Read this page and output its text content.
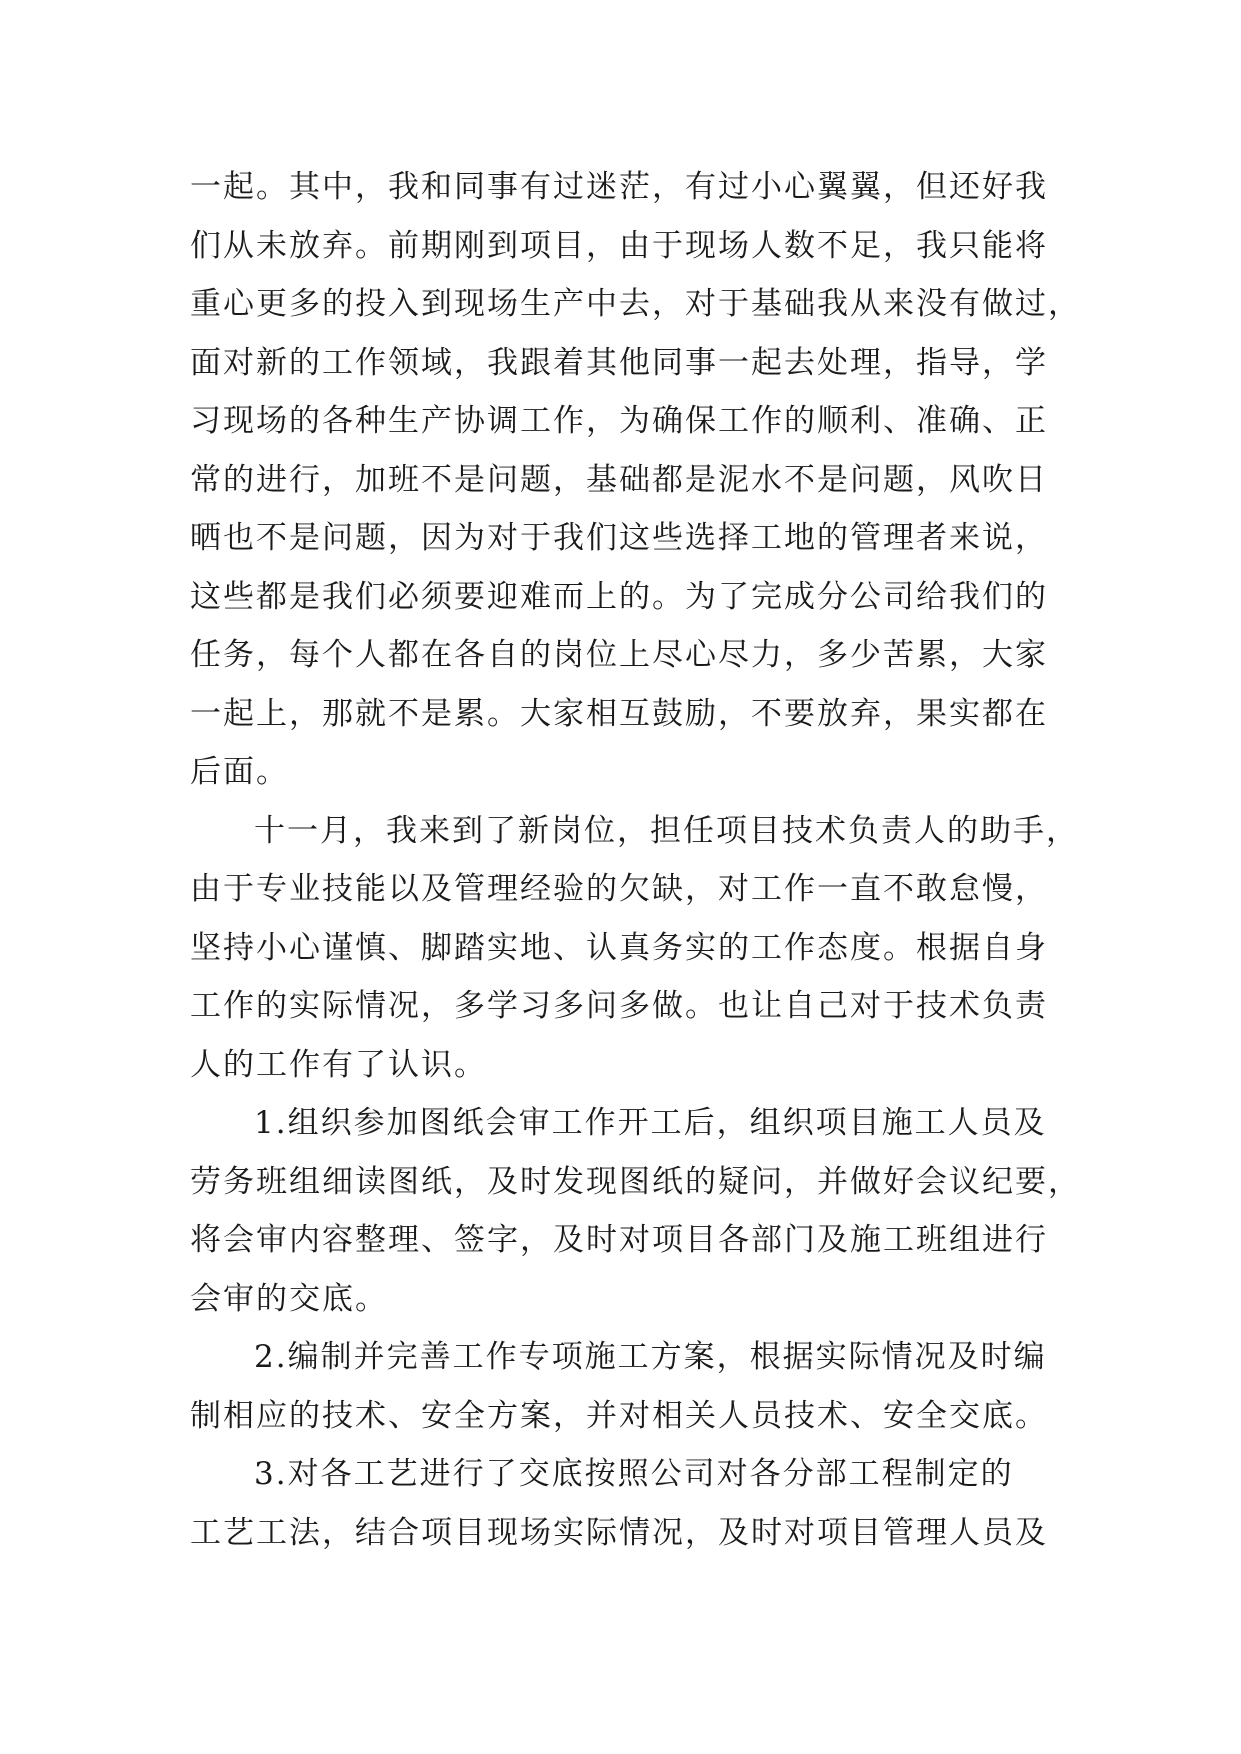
一起。其中，我和同事有过迷茫，有过小心翼翼，但还好我
们从未放弃。前期刚到项目，由于现场人数不足，我只能将
重心更多的投入到现场生产中去，对于基础我从来没有做过，
面对新的工作领域，我跟着其他同事一起去处理，指导，学
习现场的各种生产协调工作，为确保工作的顺利、准确、正
常的进行，加班不是问题，基础都是泥水不是问题，风吹日
晒也不是问题，因为对于我们这些选择工地的管理者来说，
这些都是我们必须要迎难而上的。为了完成分公司给我们的
任务，每个人都在各自的岗位上尽心尽力，多少苦累，大家
一起上，那就不是累。大家相互鼓励，不要放弃，果实都在
后面。
十一月，我来到了新岗位，担任项目技术负责人的助手，
由于专业技能以及管理经验的欠缺，对工作一直不敢怠慢，
坚持小心谨慎、脚踏实地、认真务实的工作态度。根据自身
工作的实际情况，多学习多问多做。也让自己对于技术负责
人的工作有了认识。
1.组织参加图纸会审工作开工后，组织项目施工人员及
劳务班组细读图纸，及时发现图纸的疑问，并做好会议纪要，
将会审内容整理、签字，及时对项目各部门及施工班组进行
会审的交底。
2.编制并完善工作专项施工方案，根据实际情况及时编
制相应的技术、安全方案，并对相关人员技术、安全交底。
3.对各工艺进行了交底按照公司对各分部工程制定的
工艺工法，结合项目现场实际情况，及时对项目管理人员及
